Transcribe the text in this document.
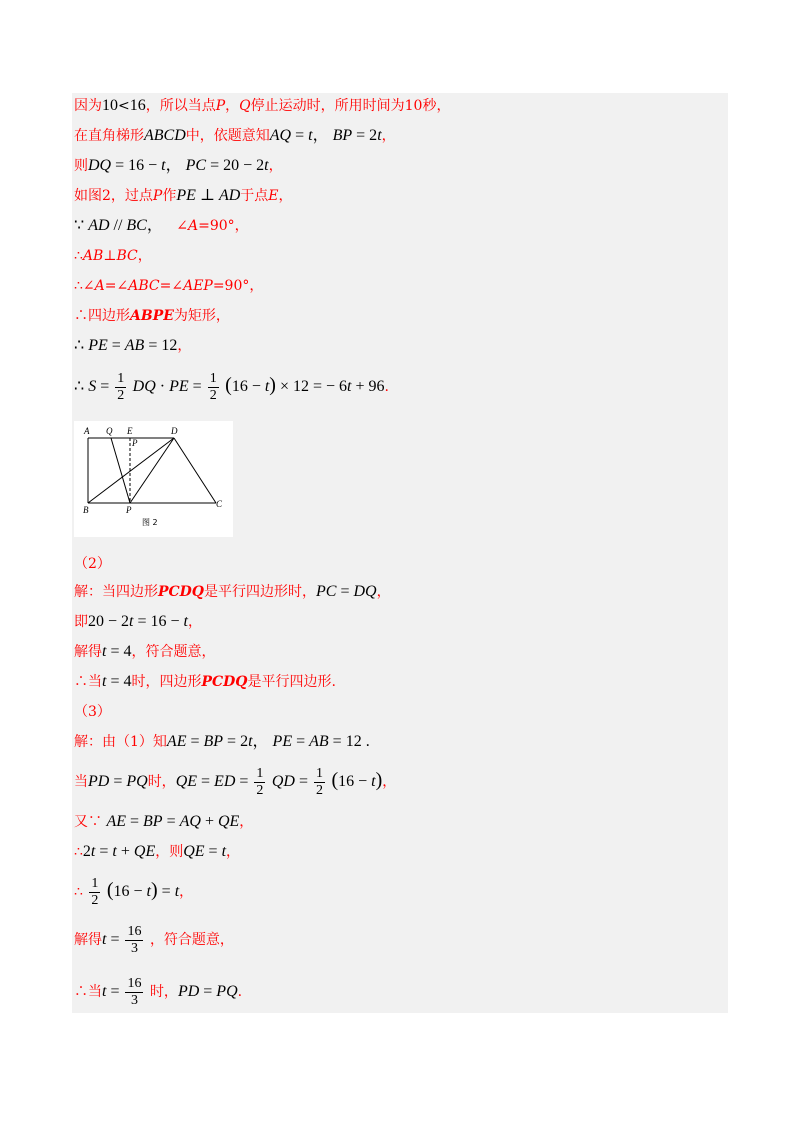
因为10<16，所以当点P，Q停止运动时，所用时间为10秒，
在直角梯形ABCD中，依题意知AQ = t， BP = 2t，
则DQ = 16 − t， PC = 20 − 2t，
如图2，过点P作PE ⊥ AD于点E，
∵ AD // BC，   ∠A=90°，
∴AB⊥BC，
∴∠A=∠ABC=∠AEP=90°，
∴四边形ABPE为矩形，
∴ PE = AB = 12，
∴ $S = \frac{1}{2}$ DQ · PE = $\frac{1}{2} (16 - t) \times 12$ = − 6t + 96.
A Q E	D
P
B	P
C
图 2
（2）
解：当四边形PCDQ是平行四边形时，PC = DQ，
即20 − 2t = 16 − t，
解得t = 4，符合题意，
∴当t = 4时，四边形PCDQ是平行四边形.
（3）
解：由（1）知AE = BP = 2t， PE = AB = 12 .
当PD = PQ时，QE = ED = $\frac{1}{2}$ QD = $\frac{1}{2} (16 - t)$，
又∵ AE = BP = AQ + QE，
∴2t = t + QE，则QE = t，
∴ $\frac{1}{2} (16 - t) = t$，
解得$t = \frac{16}{3}$ ，符合题意，
∴当$t = \frac{16}{3}$ 时，PD = PQ.
